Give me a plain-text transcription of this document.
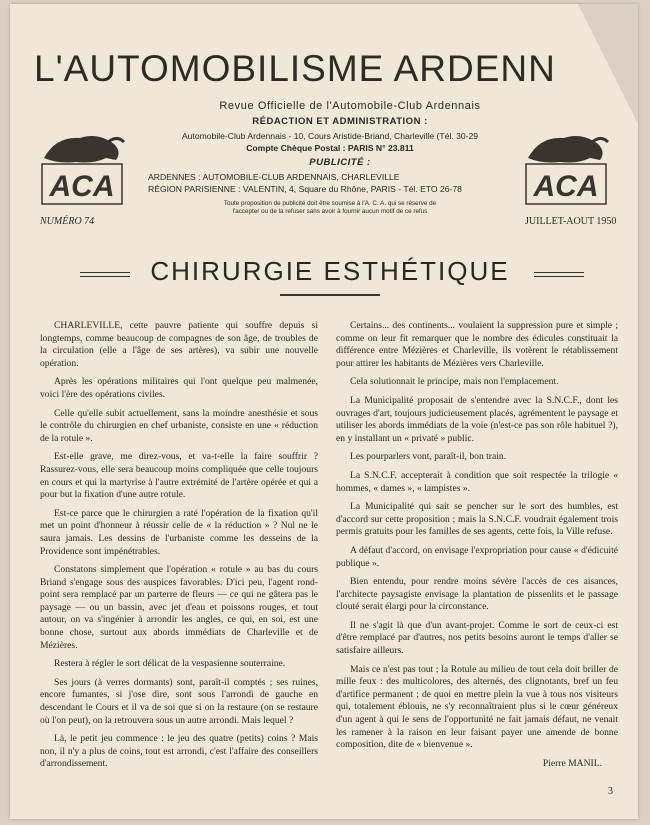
L'AUTOMOBILISME ARDENN
Revue Officielle de l'Automobile-Club Ardennais
RÉDACTION ET ADMINISTRATION :
Automobile-Club Ardennais - 10, Cours Aristide-Briand, Charleville (Tél. 30-29
Compte Chèque Postal : PARIS N° 23.811
PUBLICITÉ :
ARDENNES : AUTOMOBILE-CLUB ARDENNAIS, CHARLEVILLE
RÉGION PARISIENNE : VALENTIN, 4, Square du Rhône, PARIS - Tél. ETO 26-78
Toute proposition de publicité doit être soumise à l'A. C. A. qui se réserve de
l'accepter ou de la refuser sans avoir à fournir aucun motif de ce refus
NUMÉRO 74	JUILLET-AOUT 1950
ACA	ACA
CHIRURGIE ESTHÉTIQUE

CHARLEVILLE, cette pauvre patiente qui souffre depuis si longtemps, comme beaucoup de compagnes de son âge, de troubles de la circulation (elle a l'âge de ses artères), va subir une nouvelle opération.

Après les opérations militaires qui l'ont quelque peu malmenée, voici l'ère des opérations civiles.

Celle qu'elle subit actuellement, sans la moindre anesthésie et sous le contrôle du chirurgien en chef urbaniste, consiste en une « réduction de la rotule ».

Est-elle grave, me direz-vous, et va-t-elle la faire souffrir ? Rassurez-vous, elle sera beaucoup moins compliquée que celle toujours en cours et qui la martyrise à l'autre extrémité de l'artère opérée et qui a pour but la fixation d'une autre rotule.

Est-ce parce que le chirurgien a raté l'opération de la fixation qu'il met un point d'honneur à réussir celle de « la réduction » ? Nul ne le saura jamais. Les dessins de l'urbaniste comme les desseins de la Providence sont impénétrables.

Constatons simplement que l'opération « rotule » au bas du cours Briand s'engage sous des auspices favorables. D'ici peu, l'agent rond-point sera remplacé par un parterre de fleurs — ce qui ne gâtera pas le paysage — ou un bassin, avec jet d'eau et poissons rouges, et tout autour, on va s'ingénier à arrondir les angles, ce qui, en soi, est une bonne chose, surtout aux abords immédiats de Charleville et de Mézières.

Restera à régler le sort délicat de la vespasienne souterraine.

Ses jours (à verres dormants) sont, paraît-il comptés ; ses ruines, encore fumantes, si j'ose dire, sont sous l'arrondi de gauche en descendant le Cours et il va de soi que si on la restaure (on se restaure où l'on peut), on la retrouvera sous un autre arrondi. Mais lequel ?

Là, le petit jeu commence : le jeu des quatre (petits) coins ? Mais non, il n'y a plus de coins, tout est arrondi, c'est l'affaire des conseillers d'arrondissement.

Certains... des continents... voulaient la suppression pure et simple ; comme on leur fit remarquer que le nombre des édicules constituait la différence entre Mézières et Charleville, ils votèrent le rétablissement pour attirer les habitants de Mézières vers Charleville.

Cela solutionnait le principe, mais non l'emplacement.

La Municipalité proposait de s'entendre avec la S.N.C.F., dont les ouvrages d'art, toujours judicieusement placés, agrémentent le paysage et utiliser les abords immédiats de la voie (n'est-ce pas son rôle habituel ?), en y installant un « privaté » public.

Les pourparlers vont, paraît-il, bon train.

La S.N.C.F. accepterait à condition que soit respectée la trilogie « hommes, « dames », « lampistes ».

La Municipalité qui sait se pencher sur le sort des humbles, est d'accord sur cette proposition ; mais la S.N.C.F. voudrait également trois permis gratuits pour les familles de ses agents, cette fois, la Ville refuse.

A défaut d'accord, on envisage l'expropriation pour cause « d'édicuité publique ».

Bien entendu, pour rendre moins sévère l'accès de ces aisances, l'architecte paysagiste envisage la plantation de pissenlits et le passage clouté serait élargi pour la circonstance.

Il ne s'agit là que d'un avant-projet. Comme le sort de ceux-ci est d'être remplacé par d'autres, nos petits besoins auront le temps d'aller se satisfaire ailleurs.

Mais ce n'est pas tout ; la Rotule au milieu de tout cela doit briller de mille feux : des multicolores, des alternés, des clignotants, bref un feu d'artifice permanent ; de quoi en mettre plein la vue à tous nos visiteurs qui, totalement éblouis, ne s'y reconnaîtraient plus si le cœur généreux d'un agent à qui le sens de l'opportunité ne fait jamais défaut, ne venait les ramener à la raison en leur faisant payer une amende de bonne composition, dite de « bienvenue ».

Pierre MANIL.
3
